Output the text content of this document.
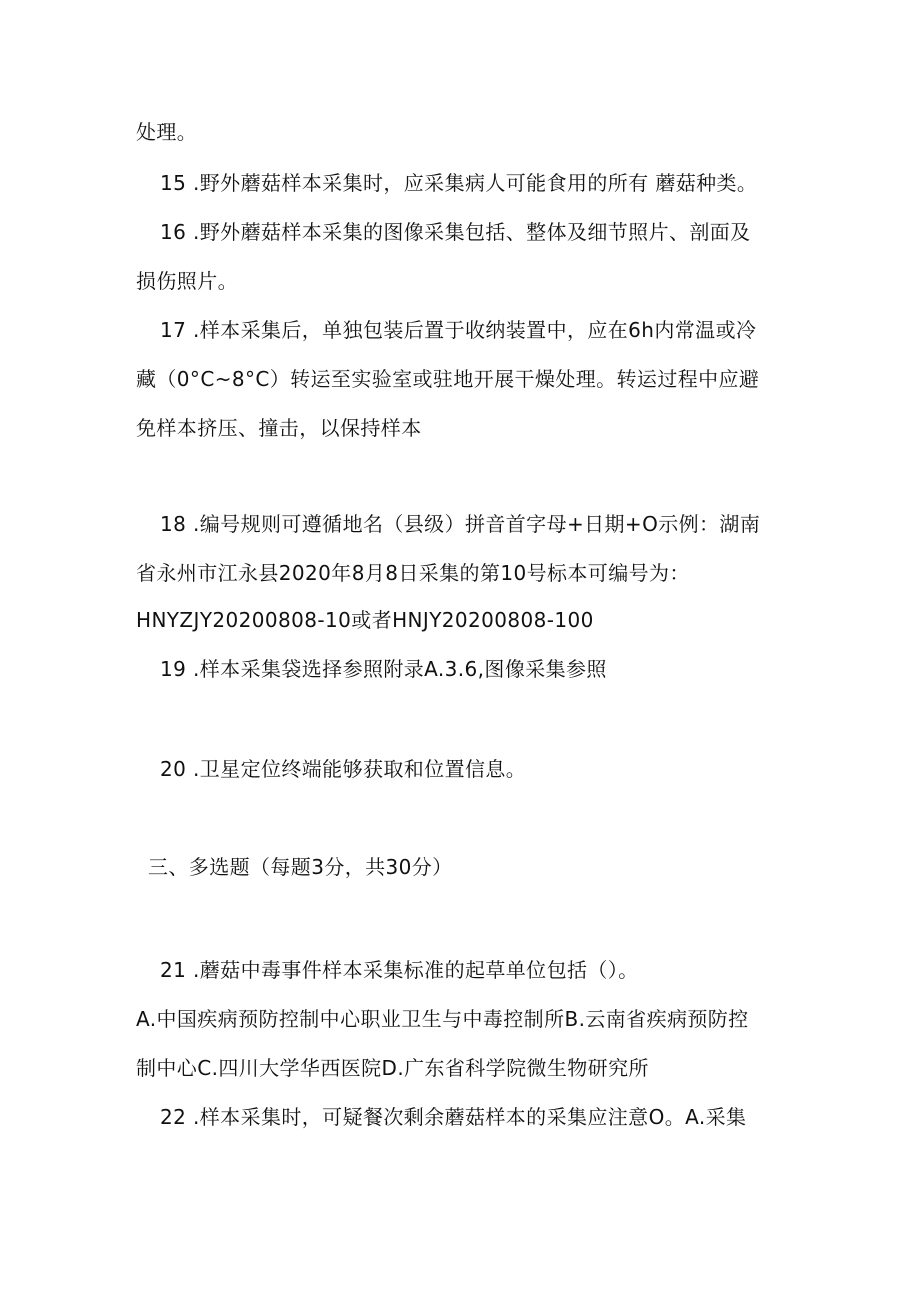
处理。
15 .野外蘑菇样本采集时，应采集病人可能食用的所有 蘑菇种类。
16 .野外蘑菇样本采集的图像采集包括、整体及细节照片、剖面及
损伤照片。
17 .样本采集后，单独包装后置于收纳装置中，应在6h内常温或冷
藏（0°C~8°C）转运至实验室或驻地开展干燥处理。转运过程中应避
免样本挤压、撞击，以保持样本
18 .编号规则可遵循地名（县级）拼音首字母+日期+O示例：湖南
省永州市江永县2020年8月8日采集的第10号标本可编号为：
HNYZJY20200808-10或者HNJY20200808-100
19 .样本采集袋选择参照附录A.3.6,图像采集参照
20 .卫星定位终端能够获取和位置信息。
三、多选题（每题3分，共30分）
21 .蘑菇中毒事件样本采集标准的起草单位包括（）。
A.中国疾病预防控制中心职业卫生与中毒控制所B.云南省疾病预防控
制中心C.四川大学华西医院D.广东省科学院微生物研究所
22 .样本采集时，可疑餐次剩余蘑菇样本的采集应注意O。A.采集
